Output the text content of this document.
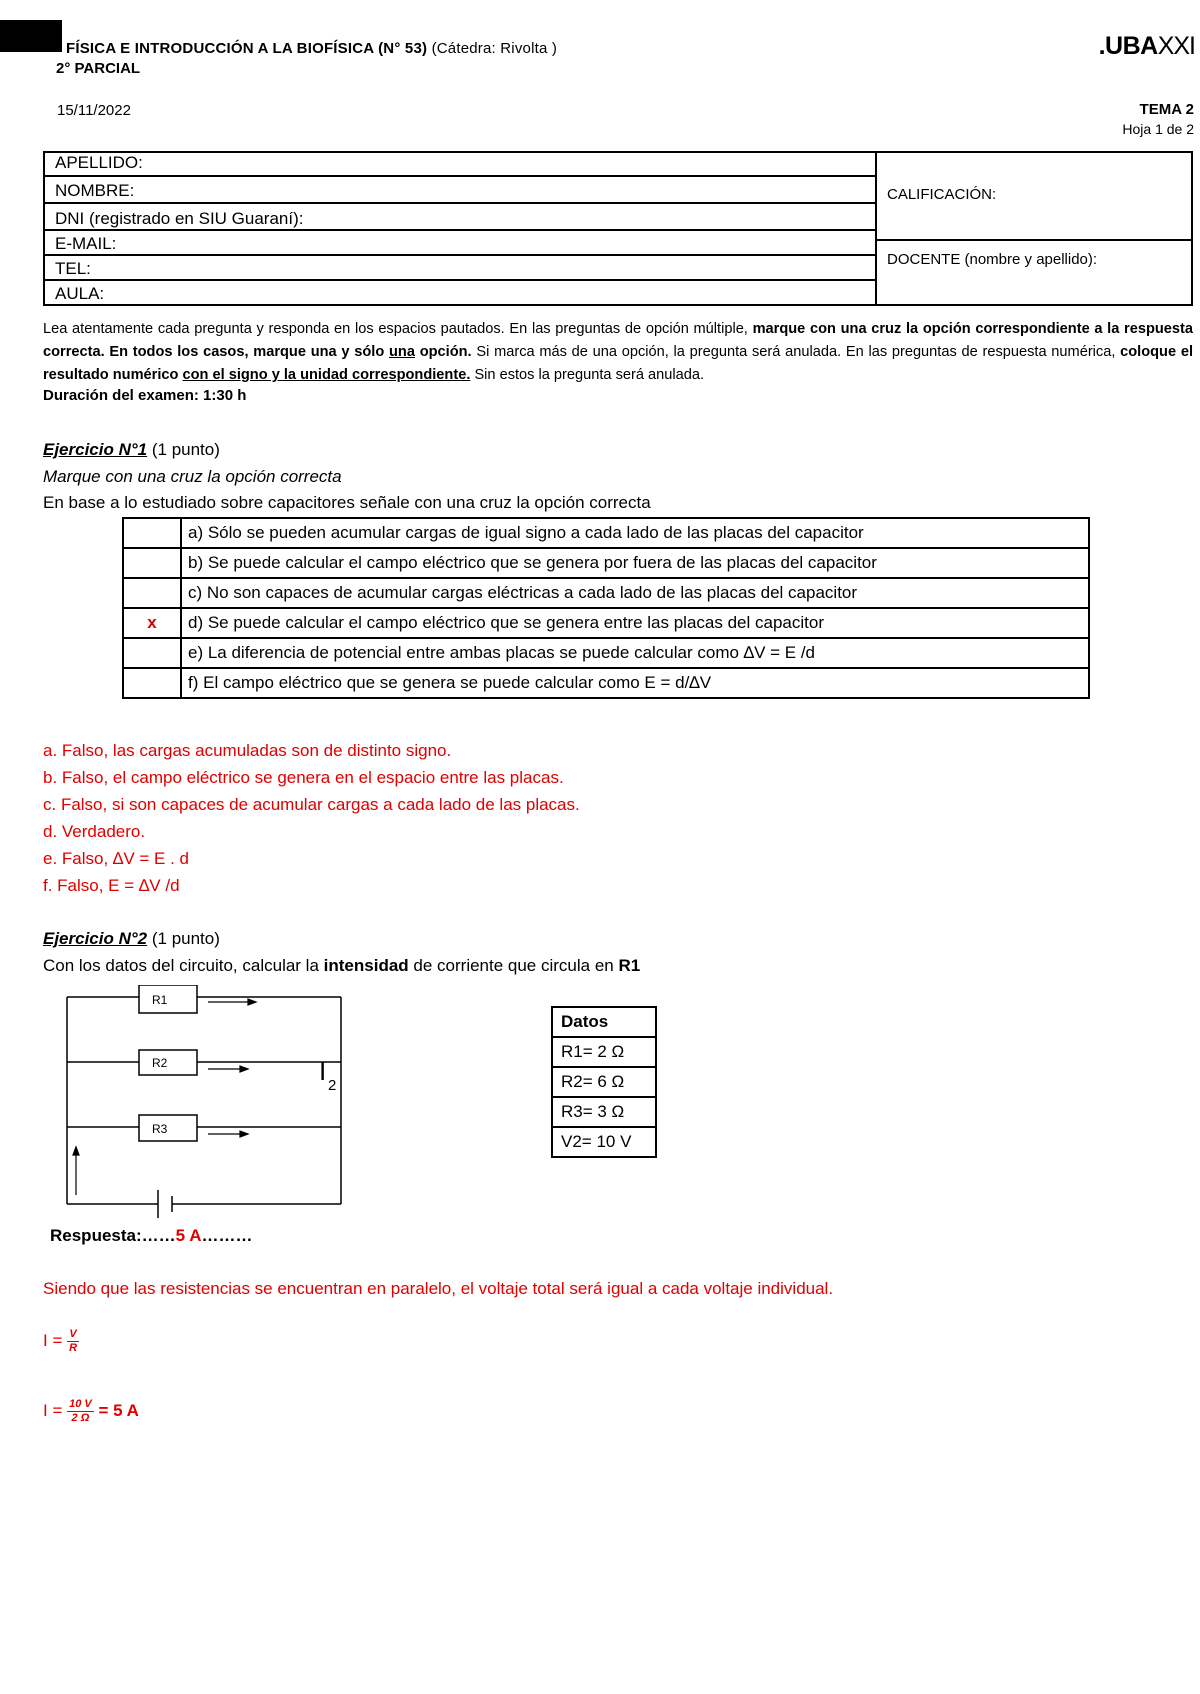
FÍSICA E INTRODUCCIÓN A LA BIOFÍSICA (N° 53) (Cátedra: Rivolta )
2° PARCIAL
.UBAXXI
15/11/2022	TEMA 2
Hoja 1 de 2
APELLIDO:
NOMBRE:
DNI (registrado en SIU Guaraní):
E-MAIL:
TEL:
AULA:
CALIFICACIÓN:
DOCENTE (nombre y apellido):
Lea atentamente cada pregunta y responda en los espacios pautados. En las preguntas de opción múltiple, marque con una cruz la opción correspondiente a la respuesta correcta. En todos los casos, marque una y sólo una opción. Si marca más de una opción, la pregunta será anulada. En las preguntas de respuesta numérica, coloque el resultado numérico con el signo y la unidad correspondiente. Sin estos la pregunta será anulada.
Duración del examen: 1:30 h
Ejercicio N°1 (1 punto)
Marque con una cruz la opción correcta
En base a lo estudiado sobre capacitores señale con una cruz la opción correcta
	a) Sólo se pueden acumular cargas de igual signo a cada lado de las placas del capacitor
	b) Se puede calcular el campo eléctrico que se genera por fuera de las placas del capacitor
	c) No son capaces de acumular cargas eléctricas a cada lado de las placas del capacitor
x	d) Se puede calcular el campo eléctrico que se genera entre las placas del capacitor
	e) La diferencia de potencial entre ambas placas se puede calcular como ∆V = E /d
	f) El campo eléctrico que se genera se puede calcular como E = d/∆V
a. Falso, las cargas acumuladas son de distinto signo.
b. Falso, el campo eléctrico se genera en el espacio entre las placas.
c. Falso, si son capaces de acumular cargas a cada lado de las placas.
d. Verdadero.
e. Falso, ∆V = E . d
f. Falso, E = ∆V /d
Ejercicio N°2 (1 punto)
Con los datos del circuito, calcular la intensidad de corriente que circula en R1
R1
R2
R3
I 2
Datos
R1= 2 Ω
R2= 6 Ω
R3= 3 Ω
V2= 10 V
Respuesta:……5 A………
Siendo que las resistencias se encuentran en paralelo, el voltaje total será igual a cada voltaje individual.
$I = \frac{V}{R}$
$I = \frac{10 V}{2 \Omega} = 5$ A
